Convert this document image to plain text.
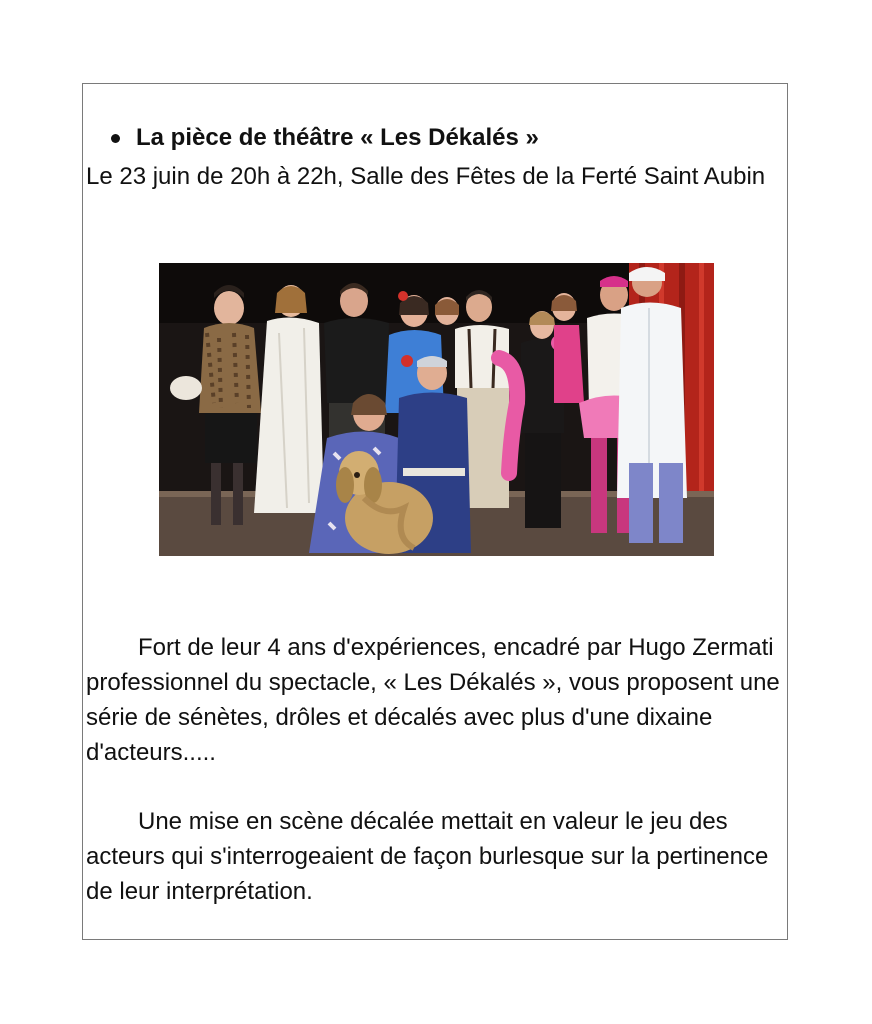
La pièce de théâtre « Les Dékalés »
Le 23 juin de 20h à 22h, Salle des Fêtes de la Ferté Saint Aubin
Fort de leur 4 ans d'expériences, encadré par Hugo Zermati professionnel du spectacle, « Les Dékalés », vous proposent une série de sénètes, drôles et décalés avec plus d'une dixaine d'acteurs.....
Une mise en scène décalée mettait en valeur le jeu des acteurs qui s'interrogeaient de façon burlesque sur la pertinence de leur interprétation.
